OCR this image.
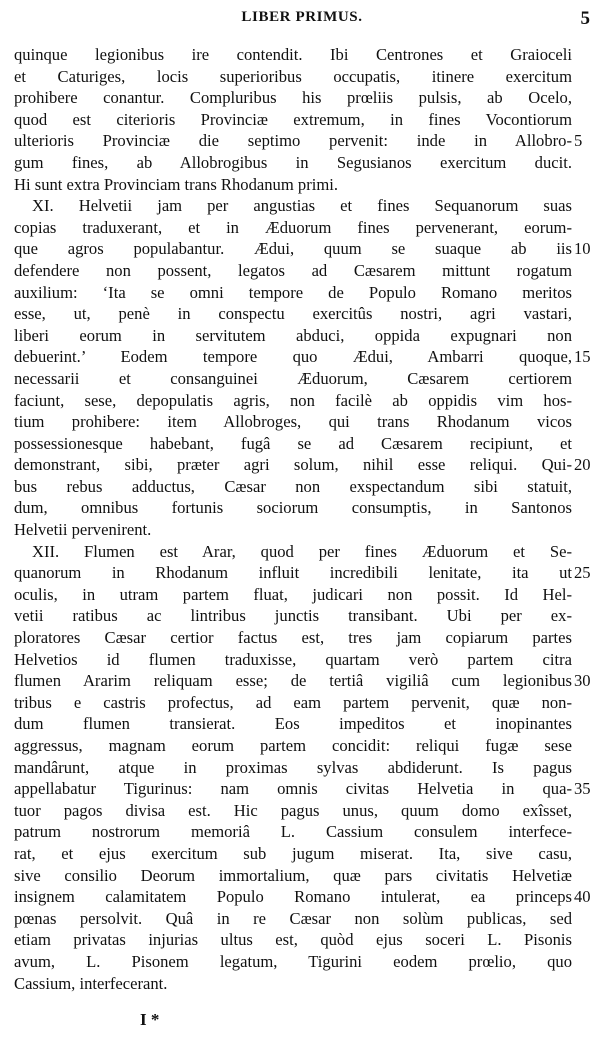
LIBER PRIMUS.	5
quinque legionibus ire contendit. Ibi Centrones et Graioceli
et Caturiges, locis superioribus occupatis, itinere exercitum
prohibere conantur. Compluribus his prœliis pulsis, ab Ocelo,
quod est citerioris Provinciæ extremum, in fines Vocontiorum
ulterioris Provinciæ die septimo pervenit: inde in Allobro- 5
gum fines, ab Allobrogibus in Segusianos exercitum ducit.
Hi sunt extra Provinciam trans Rhodanum primi.
XI. Helvetii jam per angustias et fines Sequanorum suas
copias traduxerant, et in Æduorum fines pervenerant, eorum-
que agros populabantur. Ædui, quum se suaque ab iis 10
defendere non possent, legatos ad Cæsarem mittunt rogatum
auxilium: ‘Ita se omni tempore de Populo Romano meritos
esse, ut, penè in conspectu exercitûs nostri, agri vastari,
liberi eorum in servitutem abduci, oppida expugnari non
debuerint.’ Eodem tempore quo Ædui, Ambarri quoque, 15
necessarii et consanguinei Æduorum, Cæsarem certiorem
faciunt, sese, depopulatis agris, non facilè ab oppidis vim hos-
tium prohibere: item Allobroges, qui trans Rhodanum vicos
possessionesque habebant, fugâ se ad Cæsarem recipiunt, et
demonstrant, sibi, præter agri solum, nihil esse reliqui. Qui- 20
bus rebus adductus, Cæsar non exspectandum sibi statuit,
dum, omnibus fortunis sociorum consumptis, in Santonos
Helvetii pervenirent.
XII. Flumen est Arar, quod per fines Æduorum et Se-
quanorum in Rhodanum influit incredibili lenitate, ita ut 25
oculis, in utram partem fluat, judicari non possit. Id Hel-
vetii ratibus ac lintribus junctis transibant. Ubi per ex-
ploratores Cæsar certior factus est, tres jam copiarum partes
Helvetios id flumen traduxisse, quartam verò partem citra
flumen Ararim reliquam esse; de tertiâ vigiliâ cum legionibus 30
tribus e castris profectus, ad eam partem pervenit, quæ non-
dum flumen transierat. Eos impeditos et inopinantes
aggressus, magnam eorum partem concidit: reliqui fugæ sese
mandârunt, atque in proximas sylvas abdiderunt. Is pagus
appellabatur Tigurinus: nam omnis civitas Helvetia in qua- 35
tuor pagos divisa est. Hic pagus unus, quum domo exîsset,
patrum nostrorum memoriâ L. Cassium consulem interfece-
rat, et ejus exercitum sub jugum miserat. Ita, sive casu,
sive consilio Deorum immortalium, quæ pars civitatis Helvetiæ
insignem calamitatem Populo Romano intulerat, ea princeps 40
pœnas persolvit. Quâ in re Cæsar non solùm publicas, sed
etiam privatas injurias ultus est, quòd ejus soceri L. Pisonis
avum, L. Pisonem legatum, Tigurini eodem prœlio, quo
Cassium, interfecerant.
I *
